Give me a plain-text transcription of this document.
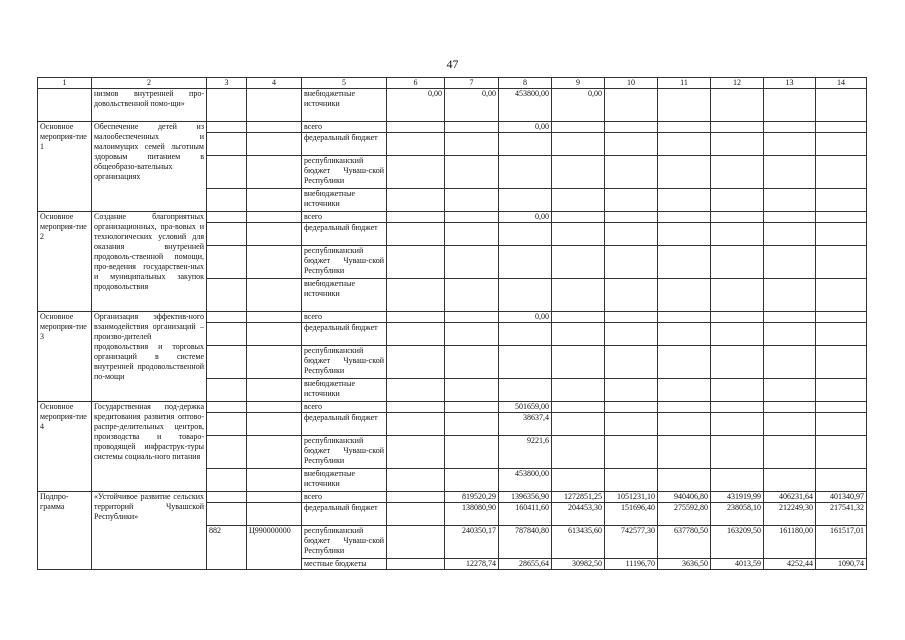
47
1	2	3	4	5	6	7	8	9	10	11	12	13	14
	низмов внутренней про-довольственной помо-щи»			внебюджетные источники	0,00	0,00	453800,00	0,00					
Основное мероприя-тие 1	Обеспечение детей из малообеспеченных и малоимущих семей льготным здоровым питанием в общеобразо-вательных организациях			всего			0,00						
				федеральный бюджет									
				республиканский бюджет Чуваш-ской Республики									
				внебюджетные источники									
Основное мероприя-тие 2	Создание благоприятных организационных, пра-вовых и технологических условий для оказания внутренней продоволь-ственной помощи, про-ведения государствен-ных и муниципальных закупок продовольствия			всего			0,00						
				федеральный бюджет									
				республиканский бюджет Чуваш-ской Республики									
				внебюджетные источники									
Основное мероприя-тие 3	Организация эффектив-ного взаимодействия организаций – произво-дителей продовольствия и торговых организаций в системе внутренней продовольственной по-мощи			всего			0,00						
				федеральный бюджет									
				республиканский бюджет Чуваш-ской Республики									
				внебюджетные источники									
Основное мероприя-тие 4	Государственная под-держка кредитования развития оптово-распре-делительных центров, производства и товаро-проводящей инфраструк-туры системы социаль-ного питания			всего			501659,00						
				федеральный бюджет			38637,4						
				республиканский бюджет Чуваш-ской Республики			9221,6						
				внебюджетные источники			453800,00						
Подпро-грамма	«Устойчивое развитие сельских территорий Чувашской Республики»			всего		819520,29	1396356,90	1272851,25	1051231,10	940406,80	431919,99	406231,64	401340,97
				федеральный бюджет		138080,90	160411,60	204453,30	151696,40	275592,80	238058,10	212249,30	217541,32
		882	Ц990000000	республиканский бюджет Чуваш-ской Республики		240350,17	787840,80	613435,60	742577,30	637780,50	163209,50	161180,00	161517,01
				местные бюджеты		12278,74	28655,64	30982,50	11196,70	3636,50	4013,59	4252,44	1090,74
